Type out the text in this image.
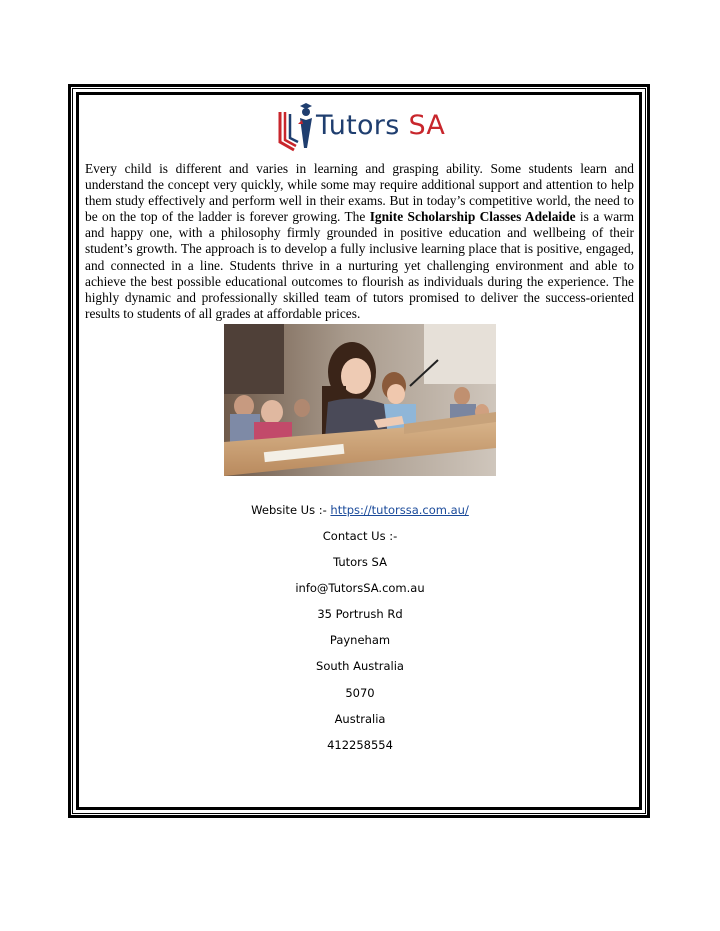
Tutors SA

Every child is different and varies in learning and grasping ability. Some students learn and understand the concept very quickly, while some may require additional support and attention to help them study effectively and perform well in their exams. But in today’s competitive world, the need to be on the top of the ladder is forever growing. The Ignite Scholarship Classes Adelaide is a warm and happy one, with a philosophy firmly grounded in positive education and wellbeing of their student’s growth. The approach is to develop a fully inclusive learning place that is positive, engaged, and connected in a line. Students thrive in a nurturing yet challenging environment and able to achieve the best possible educational outcomes to flourish as individuals during the experience. The highly dynamic and professionally skilled team of tutors promised to deliver the success-oriented results to students of all grades at affordable prices.

Website Us :- https://tutorssa.com.au/
Contact Us :-
Tutors SA
info@TutorsSA.com.au
35 Portrush Rd
Payneham
South Australia
5070
Australia
412258554
